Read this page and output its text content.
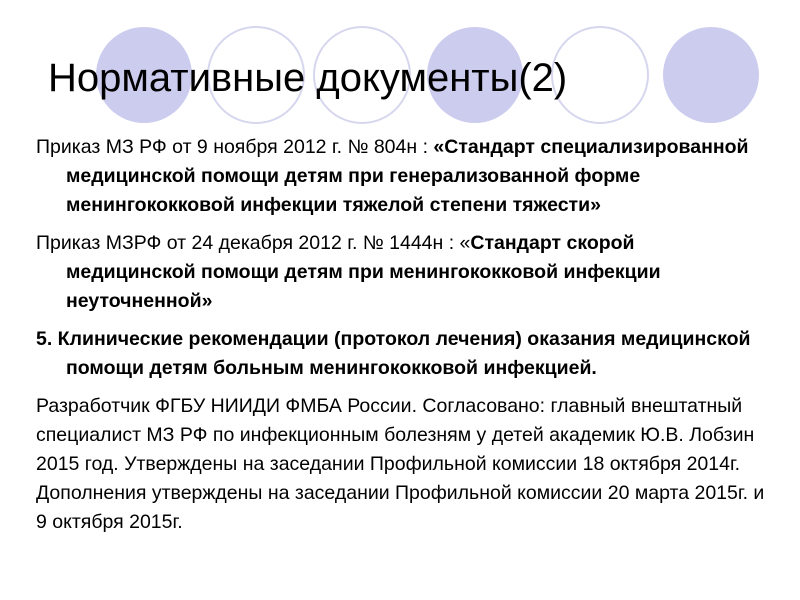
Нормативные документы(2)

Приказ МЗ РФ от 9 ноября 2012 г. № 804н : «Стандарт специализированной медицинской помощи детям при генерализованной форме менингококковой инфекции тяжелой степени тяжести»

Приказ МЗРФ от 24 декабря 2012 г. № 1444н : «Стандарт скорой медицинской помощи детям при менингококковой инфекции неуточненной»

5. Клинические рекомендации (протокол лечения) оказания медицинской помощи детям больным менингококковой инфекцией.

Разработчик ФГБУ НИИДИ ФМБА России. Согласовано: главный внештатный специалист МЗ РФ по инфекционным болезням у детей академик Ю.В. Лобзин 2015 год. Утверждены на заседании Профильной комиссии 18 октября 2014г. Дополнения утверждены на заседании Профильной комиссии 20 марта 2015г. и 9 октября 2015г.
